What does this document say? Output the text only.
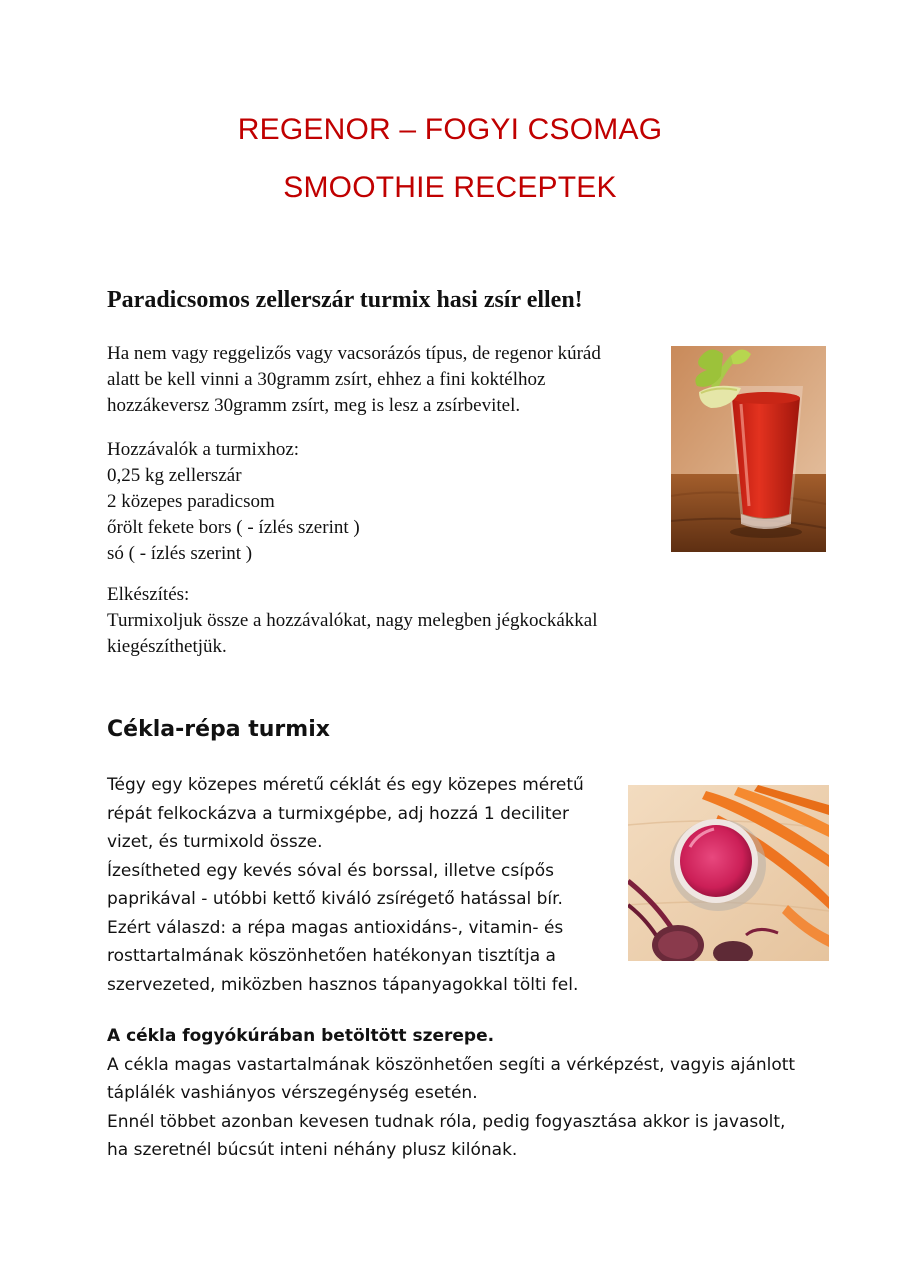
REGENOR – FOGYI CSOMAG
SMOOTHIE RECEPTEK
Paradicsomos zellerszár turmix hasi zsír ellen!
Ha nem vagy reggelizős vagy vacsorázós típus, de regenor kúrád
alatt be kell vinni a 30gramm zsírt, ehhez a fini koktélhoz
hozzákeversz 30gramm zsírt, meg is lesz a zsírbevitel.
Hozzávalók a turmixhoz:
0,25 kg zellerszár
2 közepes paradicsom
őrölt fekete bors ( - ízlés szerint )
só ( - ízlés szerint )
Elkészítés:
Turmixoljuk össze a hozzávalókat, nagy melegben jégkockákkal
kiegészíthetjük.
Cékla-répa turmix
Tégy egy közepes méretű céklát és egy közepes méretű
répát felkockázva a turmixgépbe, adj hozzá 1 deciliter
vizet, és turmixold össze.
Ízesítheted egy kevés sóval és borssal, illetve csípős
paprikával - utóbbi kettő kiváló zsírégető hatással bír.
Ezért válaszd: a répa magas antioxidáns-, vitamin- és
rosttartalmának köszönhetően hatékonyan tisztítja a
szervezeted, miközben hasznos tápanyagokkal tölti fel.
A cékla fogyókúrában betöltött szerepe.
A cékla magas vastartalmának köszönhetően segíti a vérképzést, vagyis ajánlott
táplálék vashiányos vérszegénység esetén.
Ennél többet azonban kevesen tudnak róla, pedig fogyasztása akkor is javasolt,
ha szeretnél búcsút inteni néhány plusz kilónak.
